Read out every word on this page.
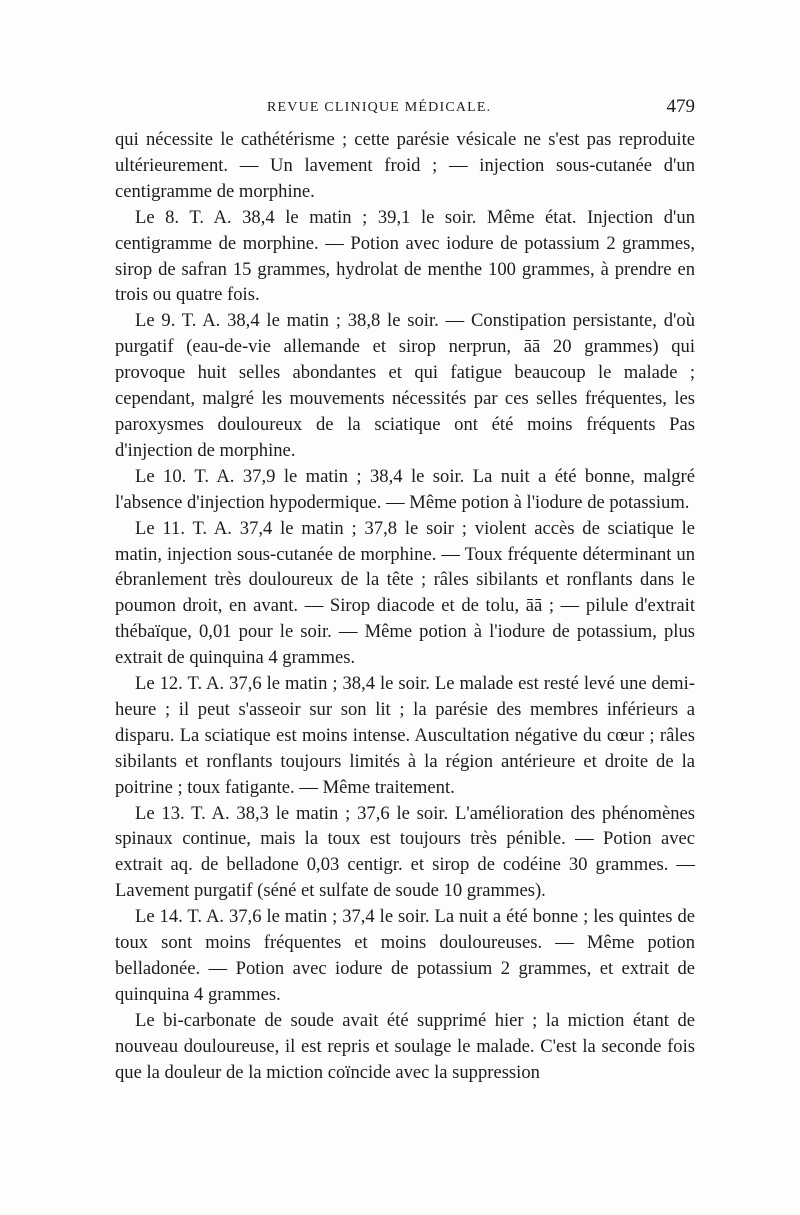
REVUE CLINIQUE MÉDICALE.	479

qui nécessite le cathétérisme ; cette parésie vésicale ne s'est pas reproduite ultérieurement. — Un lavement froid ; — injection sous-cutanée d'un centigramme de morphine.

Le 8. T. A. 38,4 le matin ; 39,1 le soir. Même état. Injection d'un centigramme de morphine. — Potion avec iodure de potassium 2 grammes, sirop de safran 15 grammes, hydrolat de menthe 100 grammes, à prendre en trois ou quatre fois.

Le 9. T. A. 38,4 le matin ; 38,8 le soir. — Constipation persistante, d'où purgatif (eau-de-vie allemande et sirop nerprun, āā 20 grammes) qui provoque huit selles abondantes et qui fatigue beaucoup le malade ; cependant, malgré les mouvements nécessités par ces selles fréquentes, les paroxysmes douloureux de la sciatique ont été moins fréquents Pas d'injection de morphine.

Le 10. T. A. 37,9 le matin ; 38,4 le soir. La nuit a été bonne, malgré l'absence d'injection hypodermique. — Même potion à l'iodure de potassium.

Le 11. T. A. 37,4 le matin ; 37,8 le soir ; violent accès de sciatique le matin, injection sous-cutanée de morphine. — Toux fréquente déterminant un ébranlement très douloureux de la tête ; râles sibilants et ronflants dans le poumon droit, en avant. — Sirop diacode et de tolu, āā ; — pilule d'extrait thébaïque, 0,01 pour le soir. — Même potion à l'iodure de potassium, plus extrait de quinquina 4 grammes.

Le 12. T. A. 37,6 le matin ; 38,4 le soir. Le malade est resté levé une demi-heure ; il peut s'asseoir sur son lit ; la parésie des membres inférieurs a disparu. La sciatique est moins intense. Auscultation négative du cœur ; râles sibilants et ronflants toujours limités à la région antérieure et droite de la poitrine ; toux fatigante. — Même traitement.

Le 13. T. A. 38,3 le matin ; 37,6 le soir. L'amélioration des phénomènes spinaux continue, mais la toux est toujours très pénible. — Potion avec extrait aq. de belladone 0,03 centigr. et sirop de codéine 30 grammes. — Lavement purgatif (séné et sulfate de soude 10 grammes).

Le 14. T. A. 37,6 le matin ; 37,4 le soir. La nuit a été bonne ; les quintes de toux sont moins fréquentes et moins douloureuses. — Même potion belladonée. — Potion avec iodure de potassium 2 grammes, et extrait de quinquina 4 grammes.

Le bi-carbonate de soude avait été supprimé hier ; la miction étant de nouveau douloureuse, il est repris et soulage le malade. C'est la seconde fois que la douleur de la miction coïncide avec la suppression
